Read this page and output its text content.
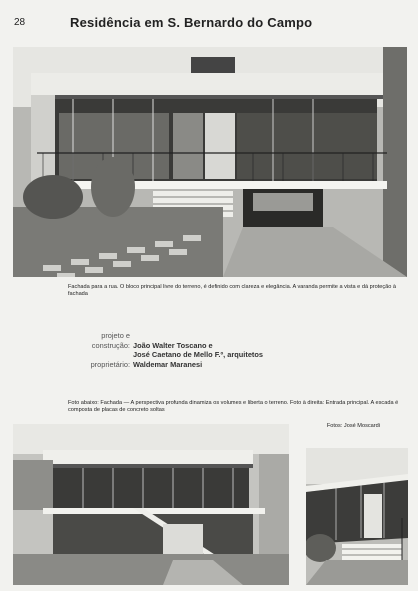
28	Residência em S. Bernardo do Campo
Fachada para a rua. O bloco principal livre do terreno, é definido com clareza e elegância. A varanda permite a vista e dá proteção à fachada
projeto e
construção: João Walter Toscano e
José Caetano de Mello F.º, arquitetos
proprietário: Waldemar Maranesi
Foto abaixo: Fachada — A perspectiva profunda dinamiza os volumes e liberta o terreno. Foto à direita: Entrada principal. A escada é composta de placas de concreto soltas
Fotos: José Moscardi
